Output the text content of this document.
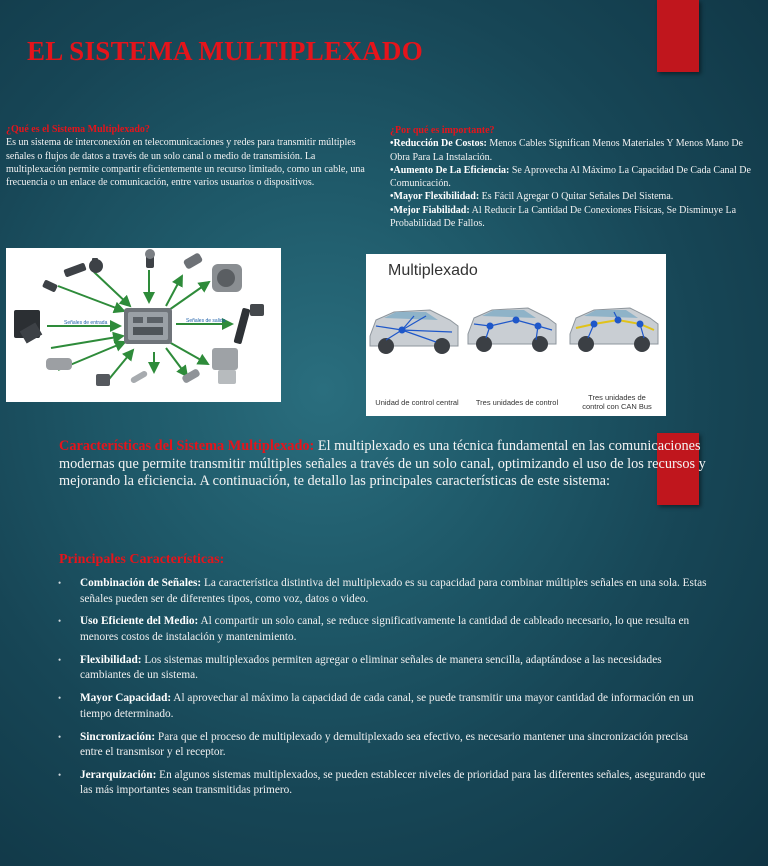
EL SISTEMA MULTIPLEXADO
¿Qué es el Sistema Multiplexado?
Es un sistema de interconexión en telecomunicaciones y redes para transmitir múltiples señales o flujos de datos a través de un solo canal o medio de transmisión. La multiplexación permite compartir eficientemente un recurso limitado, como un cable, una frecuencia o un enlace de comunicación, entre varios usuarios o dispositivos.
¿Por qué es importante?
•Reducción De Costos: Menos Cables Significan Menos Materiales Y Menos Mano De Obra Para La Instalación.
•Aumento De La Eficiencia: Se Aprovecha Al Máximo La Capacidad De Cada Canal De Comunicación.
•Mayor Flexibilidad: Es Fácil Agregar O Quitar Señales Del Sistema.
•Mejor Fiabilidad: Al Reducir La Cantidad De Conexiones Físicas, Se Disminuye La Probabilidad De Fallos.
Señales de entrada	Señales de salida
Multiplexado
Unidad de control central	Tres unidades de control
Tres unidades de control con CAN Bus
Características del Sistema Multiplexado: El multiplexado es una técnica fundamental en las comunicaciones modernas que permite transmitir múltiples señales a través de un solo canal, optimizando el uso de los recursos y mejorando la eficiencia. A continuación, te detallo las principales características de este sistema:
Principales Características:
• Combinación de Señales: La característica distintiva del multiplexado es su capacidad para combinar múltiples señales en una sola. Estas señales pueden ser de diferentes tipos, como voz, datos o video.
• Uso Eficiente del Medio: Al compartir un solo canal, se reduce significativamente la cantidad de cableado necesario, lo que resulta en menores costos de instalación y mantenimiento.
• Flexibilidad: Los sistemas multiplexados permiten agregar o eliminar señales de manera sencilla, adaptándose a las necesidades cambiantes de un sistema.
• Mayor Capacidad: Al aprovechar al máximo la capacidad de cada canal, se puede transmitir una mayor cantidad de información en un tiempo determinado.
• Sincronización: Para que el proceso de multiplexado y demultiplexado sea efectivo, es necesario mantener una sincronización precisa entre el transmisor y el receptor.
• Jerarquización: En algunos sistemas multiplexados, se pueden establecer niveles de prioridad para las diferentes señales, asegurando que las más importantes sean transmitidas primero.
